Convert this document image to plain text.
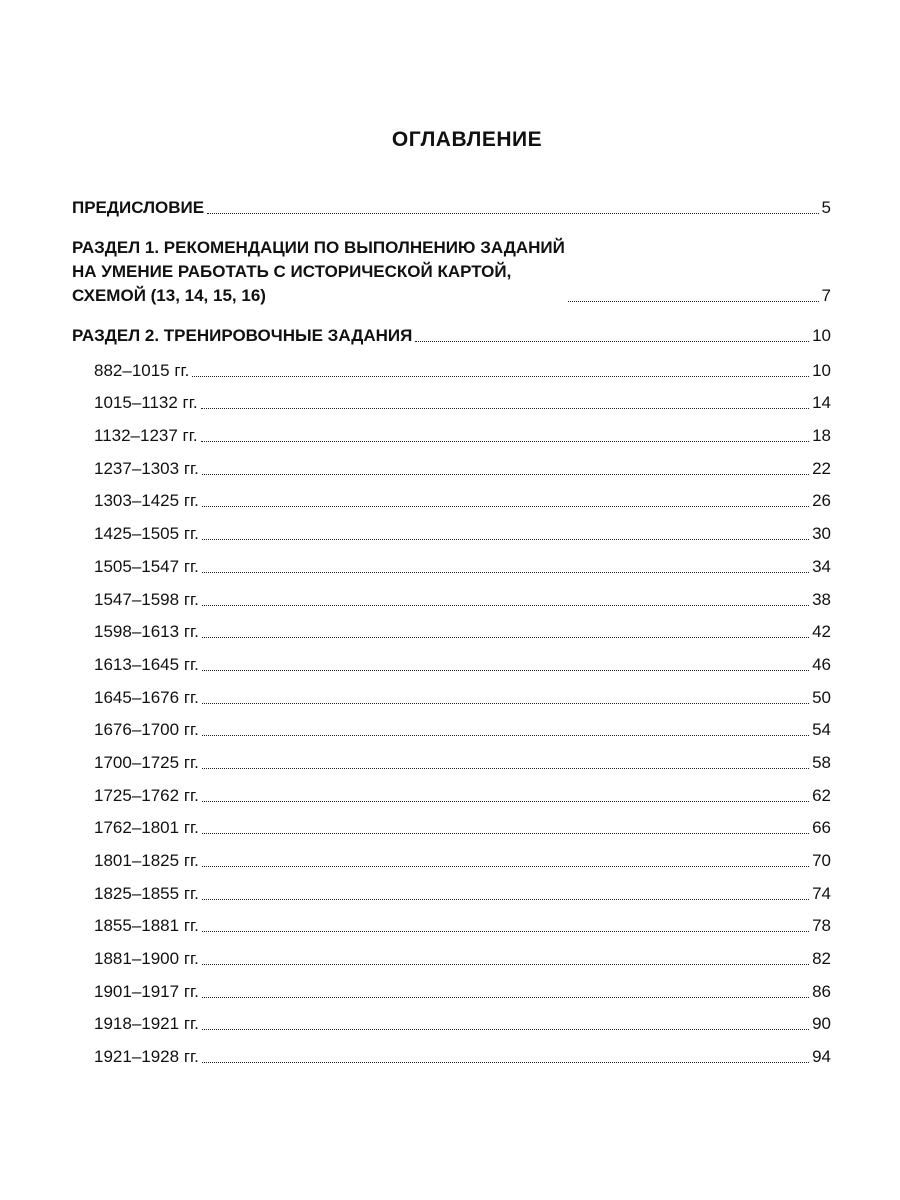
ОГЛАВЛЕНИЕ
ПРЕДИСЛОВИЕ	5
РАЗДЕЛ 1. РЕКОМЕНДАЦИИ ПО ВЫПОЛНЕНИЮ ЗАДАНИЙ
НА УМЕНИЕ РАБОТАТЬ С ИСТОРИЧЕСКОЙ КАРТОЙ,
СХЕМОЙ (13, 14, 15, 16)	7
РАЗДЕЛ 2. ТРЕНИРОВОЧНЫЕ ЗАДАНИЯ	10
882–1015 гг.	10
1015–1132 гг.	14
1132–1237 гг.	18
1237–1303 гг.	22
1303–1425 гг.	26
1425–1505 гг.	30
1505–1547 гг.	34
1547–1598 гг.	38
1598–1613 гг.	42
1613–1645 гг.	46
1645–1676 гг.	50
1676–1700 гг.	54
1700–1725 гг.	58
1725–1762 гг.	62
1762–1801 гг.	66
1801–1825 гг.	70
1825–1855 гг.	74
1855–1881 гг.	78
1881–1900 гг.	82
1901–1917 гг.	86
1918–1921 гг.	90
1921–1928 гг.	94
